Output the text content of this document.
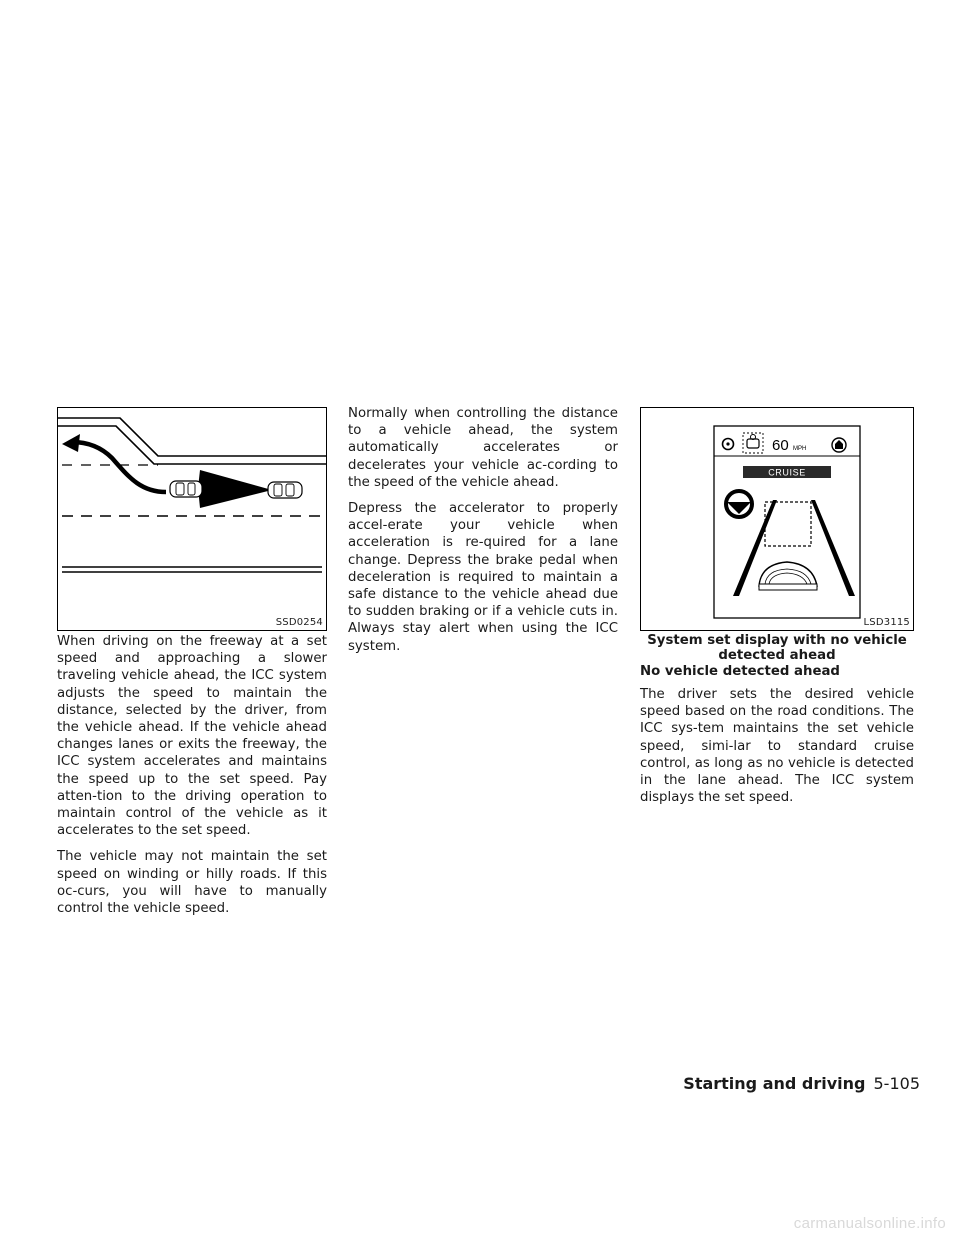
SSD0254

When driving on the freeway at a set speed and approaching a slower traveling vehicle ahead, the ICC system adjusts the speed to maintain the distance, selected by the driver, from the vehicle ahead. If the vehicle ahead changes lanes or exits the freeway, the ICC system accelerates and maintains the speed up to the set speed. Pay atten-tion to the driving operation to maintain control of the vehicle as it accelerates to the set speed.

The vehicle may not maintain the set speed on winding or hilly roads. If this oc-curs, you will have to manually control the vehicle speed.

Normally when controlling the distance to a vehicle ahead, the system automatically accelerates or decelerates your vehicle ac-cording to the speed of the vehicle ahead.

Depress the accelerator to properly accel-erate your vehicle when acceleration is re-quired for a lane change. Depress the brake pedal when deceleration is required to maintain a safe distance to the vehicle ahead due to sudden braking or if a vehicle cuts in. Always stay alert when using the ICC system.

60 MPH
CRUISE
LSD3115
System set display with no vehicle
detected ahead
No vehicle detected ahead

The driver sets the desired vehicle speed based on the road conditions. The ICC sys-tem maintains the set vehicle speed, simi-lar to standard cruise control, as long as no vehicle is detected in the lane ahead. The ICC system displays the set speed.

Starting and driving 5-105
carmanualsonline.info
